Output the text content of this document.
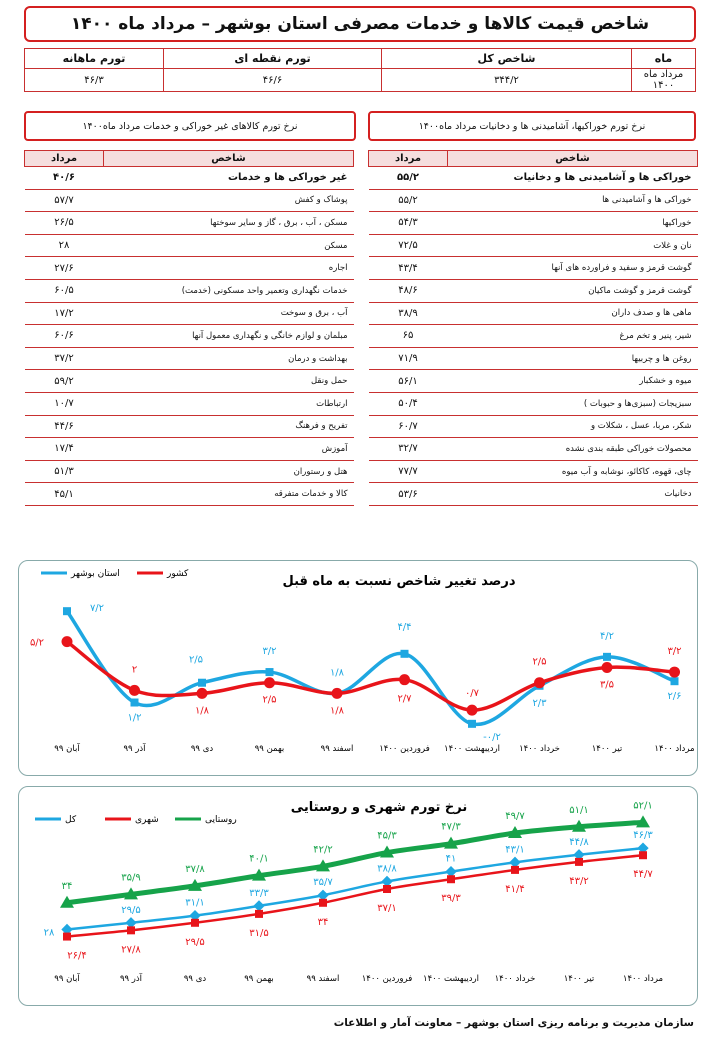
شاخص قیمت کالاها و خدمات مصرفی استان بوشهر – مرداد ماه ۱۴۰۰
ماه	شاخص کل	تورم نقطه ای	تورم ماهانه
مرداد ماه ۱۴۰۰	۳۴۴/۲	۴۶/۶	۴۶/۳
نرخ تورم خوراکیها، آشامیدنی ها و دخانیات مرداد ماه۱۴۰۰
نرخ تورم کالاهای غیر خوراکی و خدمات مرداد ماه۱۴۰۰
شاخص	مرداد
خوراکی ها و آشامیدنی ها و دخانیات	۵۵/۲
خوراکی ها و آشامیدنی ها	۵۵/۲
خوراکیها	۵۴/۳
نان و غلات	۷۲/۵
گوشت قرمز و سفید و فراورده های آنها	۴۳/۴
گوشت قرمز و گوشت ماکیان	۴۸/۶
ماهی ها و صدف داران	۳۸/۹
شیر، پنیر و تخم مرغ	۶۵
روغن ها و چربیها	۷۱/۹
میوه و خشکبار	۵۶/۱
سبزیجات (سبزی‌ها و حبوبات )	۵۰/۴
شکر، مربا، عسل ، شکلات و	۶۰/۷
محصولات خوراکی طبقه بندی نشده	۳۲/۷
چای، قهوه، کاکائو، نوشابه و آب میوه	۷۷/۷
دخانیات	۵۳/۶
شاخص	مرداد
غیر خوراکی ها و خدمات	۴۰/۶
پوشاک و کفش	۵۷/۷
مسکن ، آب ، برق ، گاز و سایر سوختها	۲۶/۵
مسکن	۲۸
اجاره	۲۷/۶
خدمات نگهداری وتعمیر واحد مسکونی (خدمت)	۶۰/۵
آب ، برق و سوخت	۱۷/۲
مبلمان و لوازم خانگی و نگهداری معمول آنها	۶۰/۶
بهداشت و درمان	۳۷/۲
حمل ونقل	۵۹/۲
ارتباطات	۱۰/۷
تفریح و فرهنگ	۴۴/۶
آموزش	۱۷/۴
هتل و رستوران	۵۱/۳
کالا و خدمات متفرقه	۴۵/۱
درصد تغییر شاخص نسبت به ماه قبل
آبان ۹۹	آذر ۹۹	دی ۹۹	بهمن ۹۹	اسفند ۹۹	فروردین ۱۴۰۰ اردیبهشت ۱۴۰۰ خرداد ۱۴۰۰	تیر ۱۴۰۰	مرداد ۱۴۰۰
۷/۲
۱/۲
۲/۵
۳/۲
۱/۸
۴/۴
-۰/۲
۲/۳
۴/۲
۲/۶
استان بوشهر
۵/۲
۲
۱/۸
۲/۵
۱/۸
۲/۷
۰/۷
۲/۵
۳/۵
۳/۲
کشور
نرخ تورم شهری و روستایی
آبان ۹۹	آذر ۹۹	دی ۹۹	بهمن ۹۹	اسفند ۹۹	فروردین ۱۴۰۰ اردیبهشت ۱۴۰۰ خرداد ۱۴۰۰	تیر ۱۴۰۰	مرداد ۱۴۰۰
۲۸
۲۹/۵
۳۱/۱
۳۳/۳
۳۵/۷
۳۸/۸
۴۱
۴۳/۱
۴۴/۸
۴۶/۳
کل
۲۶/۴
۲۷/۸
۲۹/۵
۳۱/۵
۳۴
۳۷/۱
۳۹/۳
۴۱/۴
۴۳/۲
۴۴/۷
شهری
۳۴
۳۵/۹
۳۷/۸
۴۰/۱
۴۲/۲
۴۵/۳
۴۷/۳
۴۹/۷
۵۱/۱	۵۲/۱
روستایی
سازمان مدیریت و برنامه ریزی استان بوشهر – معاونت آمار و اطلاعات
